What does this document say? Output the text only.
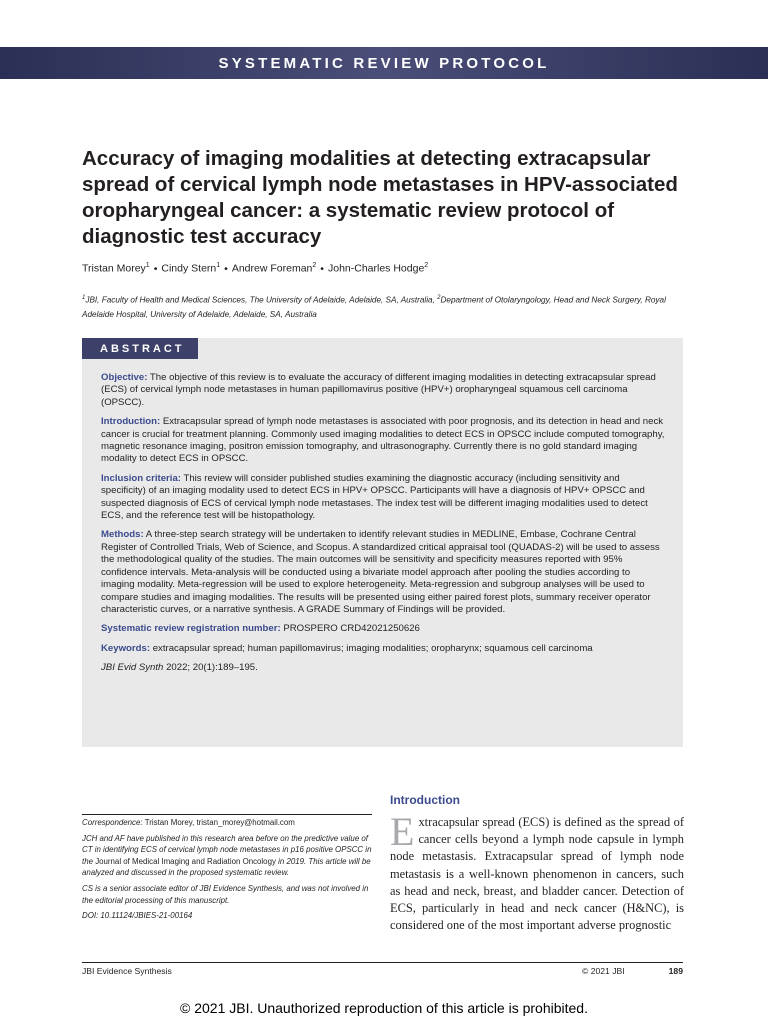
SYSTEMATIC REVIEW PROTOCOL
Accuracy of imaging modalities at detecting extracapsular spread of cervical lymph node metastases in HPV-associated oropharyngeal cancer: a systematic review protocol of diagnostic test accuracy
Tristan Morey$^1$ • Cindy Stern$^1$ • Andrew Foreman$^2$ • John-Charles Hodge$^2$
$^1$JBI, Faculty of Health and Medical Sciences, The University of Adelaide, Adelaide, SA, Australia, $^2$Department of Otolaryngology, Head and Neck Surgery, Royal Adelaide Hospital, University of Adelaide, Adelaide, SA, Australia
ABSTRACT

Objective: The objective of this review is to evaluate the accuracy of different imaging modalities in detecting extracapsular spread (ECS) of cervical lymph node metastases in human papillomavirus positive (HPV+) oropharyngeal squamous cell carcinoma (OPSCC).

Introduction: Extracapsular spread of lymph node metastases is associated with poor prognosis, and its detection in head and neck cancer is crucial for treatment planning. Commonly used imaging modalities to detect ECS in OPSCC include computed tomography, magnetic resonance imaging, positron emission tomography, and ultrasonography. Currently there is no gold standard imaging modality to detect ECS in OPSCC.

Inclusion criteria: This review will consider published studies examining the diagnostic accuracy (including sensitivity and specificity) of an imaging modality used to detect ECS in HPV+ OPSCC. Participants will have a diagnosis of HPV+ OPSCC and suspected diagnosis of ECS of cervical lymph node metastases. The index test will be different imaging modalities used to detect ECS, and the reference test will be histopathology.

Methods: A three-step search strategy will be undertaken to identify relevant studies in MEDLINE, Embase, Cochrane Central Register of Controlled Trials, Web of Science, and Scopus. A standardized critical appraisal tool (QUADAS-2) will be used to assess the methodological quality of the studies. The main outcomes will be sensitivity and specificity measures reported with 95% confidence intervals. Meta-analysis will be conducted using a bivariate model approach after pooling the studies according to imaging modality. Meta-regression will be used to explore heterogeneity. Meta-regression and subgroup analyses will be used to compare studies and imaging modalities. The results will be presented using either paired forest plots, summary receiver operator characteristic curves, or a narrative synthesis. A GRADE Summary of Findings will be provided.

Systematic review registration number: PROSPERO CRD42021250626

Keywords: extracapsular spread; human papillomavirus; imaging modalities; oropharynx; squamous cell carcinoma

JBI Evid Synth 2022; 20(1):189–195.

Correspondence: Tristan Morey, tristan_morey@hotmail.com

JCH and AF have published in this research area before on the predictive value of CT in identifying ECS of cervical lymph node metastases in p16 positive OPSCC in the Journal of Medical Imaging and Radiation Oncology in 2019. This article will be analyzed and discussed in the proposed systematic review.

CS is a senior associate editor of JBI Evidence Synthesis, and was not involved in the editorial processing of this manuscript.

DOI: 10.11124/JBIES-21-00164

Introduction
Extracapsular spread (ECS) is defined as the spread of cancer cells beyond a lymph node capsule in lymph node metastasis. Extracapsular spread of lymph node metastasis is a well-known phenomenon in cancers, such as head and neck, breast, and bladder cancer. Detection of ECS, particularly in head and neck cancer (H&NC), is considered one of the most important adverse prognostic
JBI Evidence Synthesis	© 2021 JBI	189
© 2021 JBI. Unauthorized reproduction of this article is prohibited.
